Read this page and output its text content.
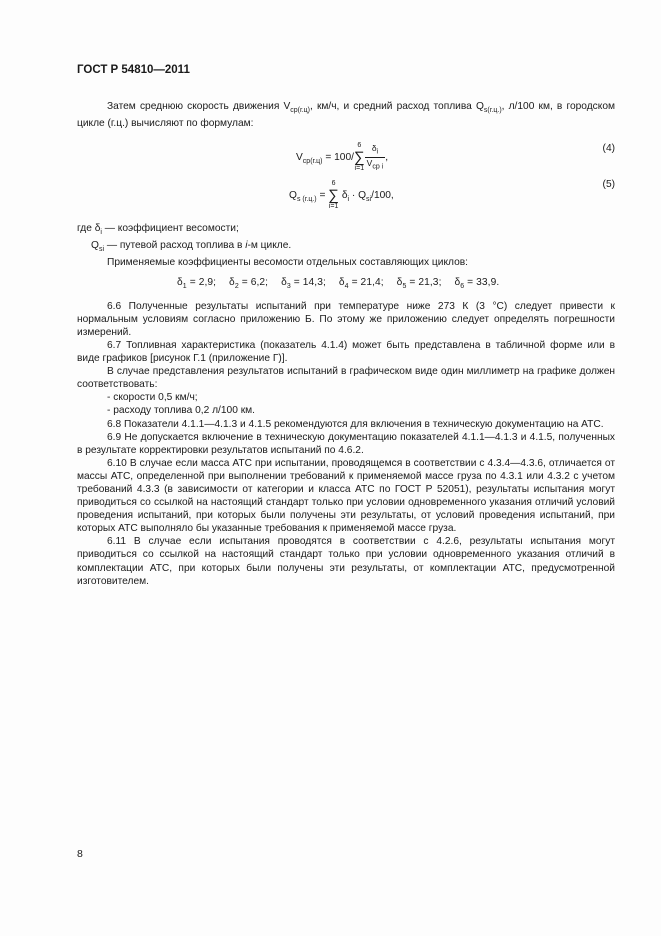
ГОСТ Р 54810—2011

Затем среднюю скорость движения $V_{ср(г.ц)}$, км/ч, и средний расход топлива $Q_{s(г.ц.)}$, л/100 км, в городском цикле (г.ц.) вычисляют по формулам:

$V_{ср(г.ц)} = 100/6$
∑
$i=1 \frac{\delta_i}{V_{ср i}}$ ,
(4)
$Q_{s (г.ц.)} = 6$
∑
i=1 $\delta_i \cdot Q_{si}/100$,
(5)

где $\delta_i$ — коэффициент весомости;

$Q_{si}$ — путевой расход топлива в i-м цикле.

Применяемые коэффициенты весомости отдельных составляющих циклов:

$\delta_1 = 2,9$; $\delta_2 = 6,2$; $\delta_3 = 14,3$; $\delta_4 = 21,4$; $\delta_5 = 21,3$; $\delta_6 = 33,9$.

6.6 Полученные результаты испытаний при температуре ниже 273 К (3 °С) следует привести к нормальным условиям согласно приложению Б. По этому же приложению следует определять погрешности измерений.

6.7 Топливная характеристика (показатель 4.1.4) может быть представлена в табличной форме или в виде графиков [рисунок Г.1 (приложение Г)].

В случае представления результатов испытаний в графическом виде один миллиметр на графике должен соответствовать:

- скорости 0,5 км/ч;

- расходу топлива 0,2 л/100 км.

6.8 Показатели 4.1.1—4.1.3 и 4.1.5 рекомендуются для включения в техническую документацию на АТС.

6.9 Не допускается включение в техническую документацию показателей 4.1.1—4.1.3 и 4.1.5, полученных в результате корректировки результатов испытаний по 4.6.2.

6.10 В случае если масса АТС при испытании, проводящемся в соответствии с 4.3.4—4.3.6, отличается от массы АТС, определенной при выполнении требований к применяемой массе груза по 4.3.1 или 4.3.2 с учетом требований 4.3.3 (в зависимости от категории и класса АТС по ГОСТ Р 52051), результаты испытания могут приводиться со ссылкой на настоящий стандарт только при условии одновременного указания отличий условий проведения испытаний, при которых были получены эти результаты, от условий проведения испытаний, при которых АТС выполняло бы указанные требования к применяемой массе груза.

6.11 В случае если испытания проводятся в соответствии с 4.2.6, результаты испытания могут приводиться со ссылкой на настоящий стандарт только при условии одновременного указания отличий в комплектации АТС, при которых были получены эти результаты, от комплектации АТС, предусмотренной изготовителем.

8
